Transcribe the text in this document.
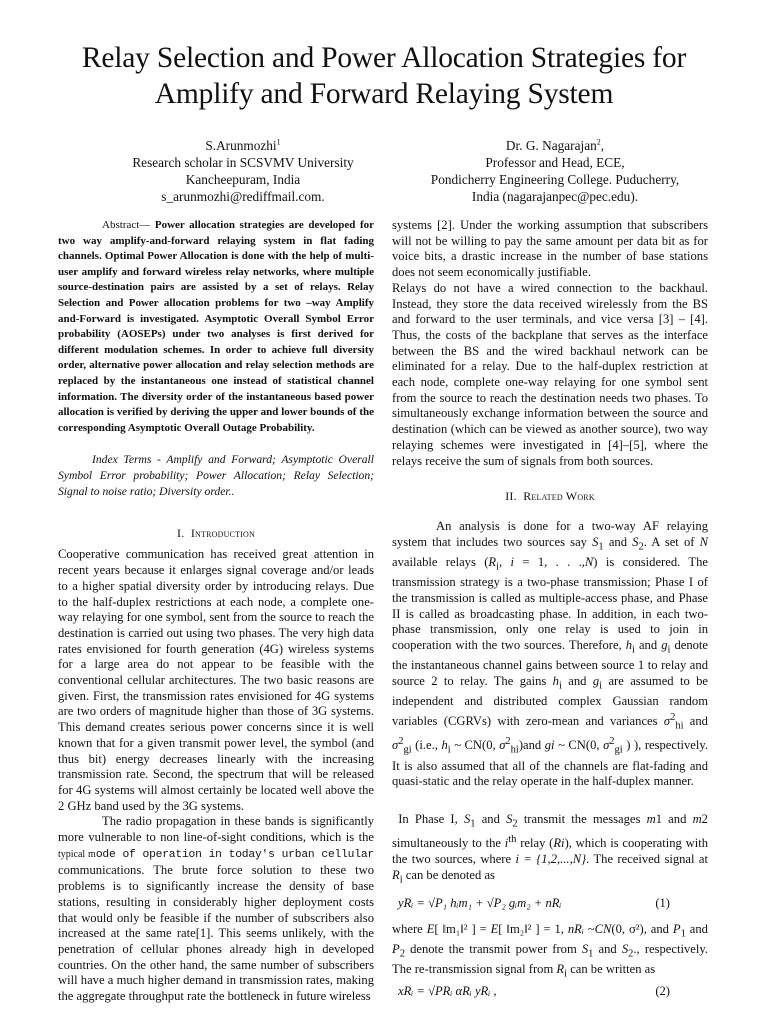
Relay Selection and Power Allocation Strategies for Amplify and Forward Relaying System
S.Arunmozhi$^1$
Research scholar in SCSVMV University
Kancheepuram, India
s_arunmozhi@rediffmail.com.
Dr. G. Nagarajan$^2$,
Professor and Head, ECE,
Pondicherry Engineering College. Puducherry,
India (nagarajanpec@pec.edu).

Abstract— Power allocation strategies are developed for two way amplify-and-forward relaying system in flat fading channels. Optimal Power Allocation is done with the help of multi-user amplify and forward wireless relay networks, where multiple source-destination pairs are assisted by a set of relays. Relay Selection and Power allocation problems for two –way Amplify and-Forward is investigated. Asymptotic Overall Symbol Error probability (AOSEPs) under two analyses is first derived for different modulation schemes. In order to achieve full diversity order, alternative power allocation and relay selection methods are replaced by the instantaneous one instead of statistical channel information. The diversity order of the instantaneous based power allocation is verified by deriving the upper and lower bounds of the corresponding Asymptotic Overall Outage Probability.

Index Terms - Amplify and Forward; Asymptotic Overall Symbol Error probability; Power Allocation; Relay Selection; Signal to noise ratio; Diversity order..

I. Introduction

Cooperative communication has received great attention in recent years because it enlarges signal coverage and/or leads to a higher spatial diversity order by introducing relays. Due to the half-duplex restrictions at each node, a complete one-way relaying for one symbol, sent from the source to reach the destination is carried out using two phases. The very high data rates envisioned for fourth generation (4G) wireless systems for a large area do not appear to be feasible with the conventional cellular architectures. The two basic reasons are given. First, the transmission rates envisioned for 4G systems are two orders of magnitude higher than those of 3G systems. This demand creates serious power concerns since it is well known that for a given transmit power level, the symbol (and thus bit) energy decreases linearly with the increasing transmission rate. Second, the spectrum that will be released for 4G systems will almost certainly be located well above the 2 GHz band used by the 3G systems.

The radio propagation in these bands is significantly more vulnerable to non line-of-sight conditions, which is the typical mode of operation in today's urban cellular communications. The brute force solution to these two problems is to significantly increase the density of base stations, resulting in considerably higher deployment costs that would only be feasible if the number of subscribers also increased at the same rate[1]. This seems unlikely, with the penetration of cellular phones already high in developed countries. On the other hand, the same number of subscribers will have a much higher demand in transmission rates, making the aggregate throughput rate the bottleneck in future wireless

systems [2]. Under the working assumption that subscribers will not be willing to pay the same amount per data bit as for voice bits, a drastic increase in the number of base stations does not seem economically justifiable.

Relays do not have a wired connection to the backhaul. Instead, they store the data received wirelessly from the BS and forward to the user terminals, and vice versa [3] – [4]. Thus, the costs of the backplane that serves as the interface between the BS and the wired backhaul network can be eliminated for a relay. Due to the half-duplex restriction at each node, complete one-way relaying for one symbol sent from the source to reach the destination needs two phases. To simultaneously exchange information between the source and destination (which can be viewed as another source), two way relaying schemes were investigated in [4]–[5], where the relays receive the sum of signals from both sources.

II. Related Work

An analysis is done for a two-way AF relaying system that includes two sources say $S_1$ and $S_2$. A set of N available relays ($R_i$, i = 1, . . .,N) is considered. The transmission strategy is a two-phase transmission; Phase I of the transmission is called as multiple-access phase, and Phase II is called as broadcasting phase. In addition, in each two-phase transmission, only one relay is used to join in cooperation with the two sources. Therefore, $h_i$ and $g_i$ denote the instantaneous channel gains between source 1 to relay and source 2 to relay. The gains $h_i$ and $g_i$ are assumed to be independent and distributed complex Gaussian random variables (CGRVs) with zero-mean and variances $\sigma^2_{hi}$ and $\sigma^2_{gi}$ (i.e., $h_i$ ~ CN(0, $\sigma^2_{hi})and$ gi ~ CN(0, $\sigma^2_{gi}$ ) ), respectively. It is also assumed that all of the channels are flat-fading and quasi-static and the relay operate in the half-duplex manner.

In Phase I, $S_1$ and $S_2$ transmit the messages m1 and m2 simultaneously to the $i^{th}$ relay (Ri), which is cooperating with the two sources, where i = {1,2,...,N}. The received signal at $R_i$ can be denoted as

yRᵢ = √P₁ hᵢm₁ + √P₂ gᵢm₂ + nRᵢ	(1)

where E[ ‖m₁‖² ] = E[ ‖m₂‖² ] = 1, nRᵢ ~CN(0, σ²), and $P_1$ and $P_2$ denote the transmit power from $S_1$ and $S_2$., respectively. The re-transmission signal from $R_i$ can be written as

xRᵢ = √PRᵢ αRᵢ yRᵢ ,	(2)
